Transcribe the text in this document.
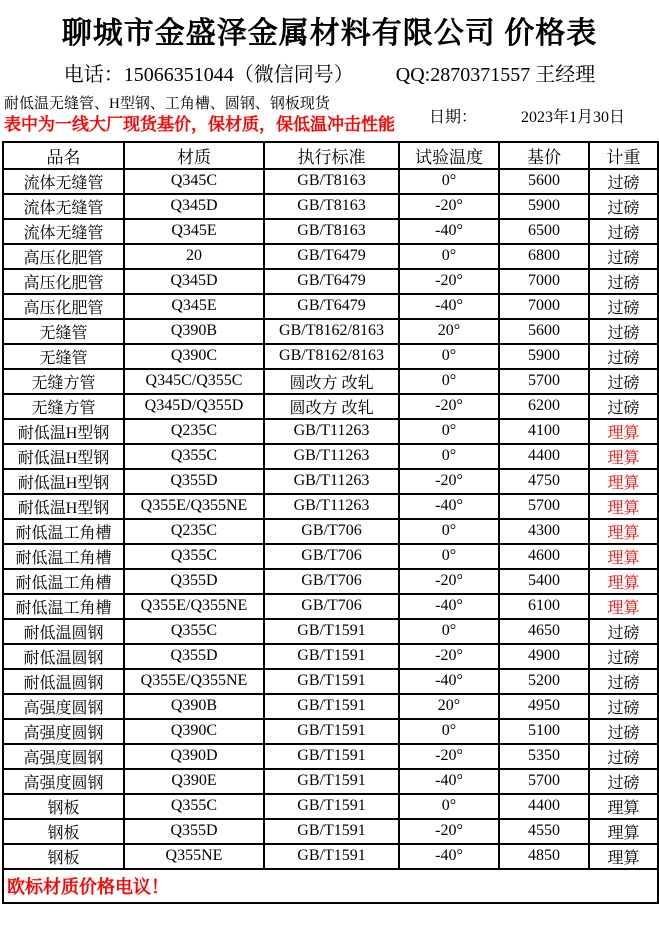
聊城市金盛泽金属材料有限公司 价格表
电话：15066351044（微信同号） QQ:2870371557 王经理
耐低温无缝管、H型钢、工角槽、圆钢、钢板现货
表中为一线大厂现货基价，保材质，保低温冲击性能	日期：	2023年1月30日
品名	材质	执行标准	试验温度	基价	计重
流体无缝管	Q345C	GB/T8163	0°	5600	过磅
流体无缝管	Q345D	GB/T8163	-20°	5900	过磅
流体无缝管	Q345E	GB/T8163	-40°	6500	过磅
高压化肥管	20	GB/T6479	0°	6800	过磅
高压化肥管	Q345D	GB/T6479	-20°	7000	过磅
高压化肥管	Q345E	GB/T6479	-40°	7000	过磅
无缝管	Q390B	GB/T8162/8163	20°	5600	过磅
无缝管	Q390C	GB/T8162/8163	0°	5900	过磅
无缝方管	Q345C/Q355C	圆改方 改轧	0°	5700	过磅
无缝方管	Q345D/Q355D	圆改方 改轧	-20°	6200	过磅
耐低温H型钢	Q235C	GB/T11263	0°	4100	理算
耐低温H型钢	Q355C	GB/T11263	0°	4400	理算
耐低温H型钢	Q355D	GB/T11263	-20°	4750	理算
耐低温H型钢	Q355E/Q355NE	GB/T11263	-40°	5700	理算
耐低温工角槽	Q235C	GB/T706	0°	4300	理算
耐低温工角槽	Q355C	GB/T706	0°	4600	理算
耐低温工角槽	Q355D	GB/T706	-20°	5400	理算
耐低温工角槽	Q355E/Q355NE	GB/T706	-40°	6100	理算
耐低温圆钢	Q355C	GB/T1591	0°	4650	过磅
耐低温圆钢	Q355D	GB/T1591	-20°	4900	过磅
耐低温圆钢	Q355E/Q355NE	GB/T1591	-40°	5200	过磅
高强度圆钢	Q390B	GB/T1591	20°	4950	过磅
高强度圆钢	Q390C	GB/T1591	0°	5100	过磅
高强度圆钢	Q390D	GB/T1591	-20°	5350	过磅
高强度圆钢	Q390E	GB/T1591	-40°	5700	过磅
钢板	Q355C	GB/T1591	0°	4400	理算
钢板	Q355D	GB/T1591	-20°	4550	理算
钢板	Q355NE	GB/T1591	-40°	4850	理算
欧标材质价格电议！					
